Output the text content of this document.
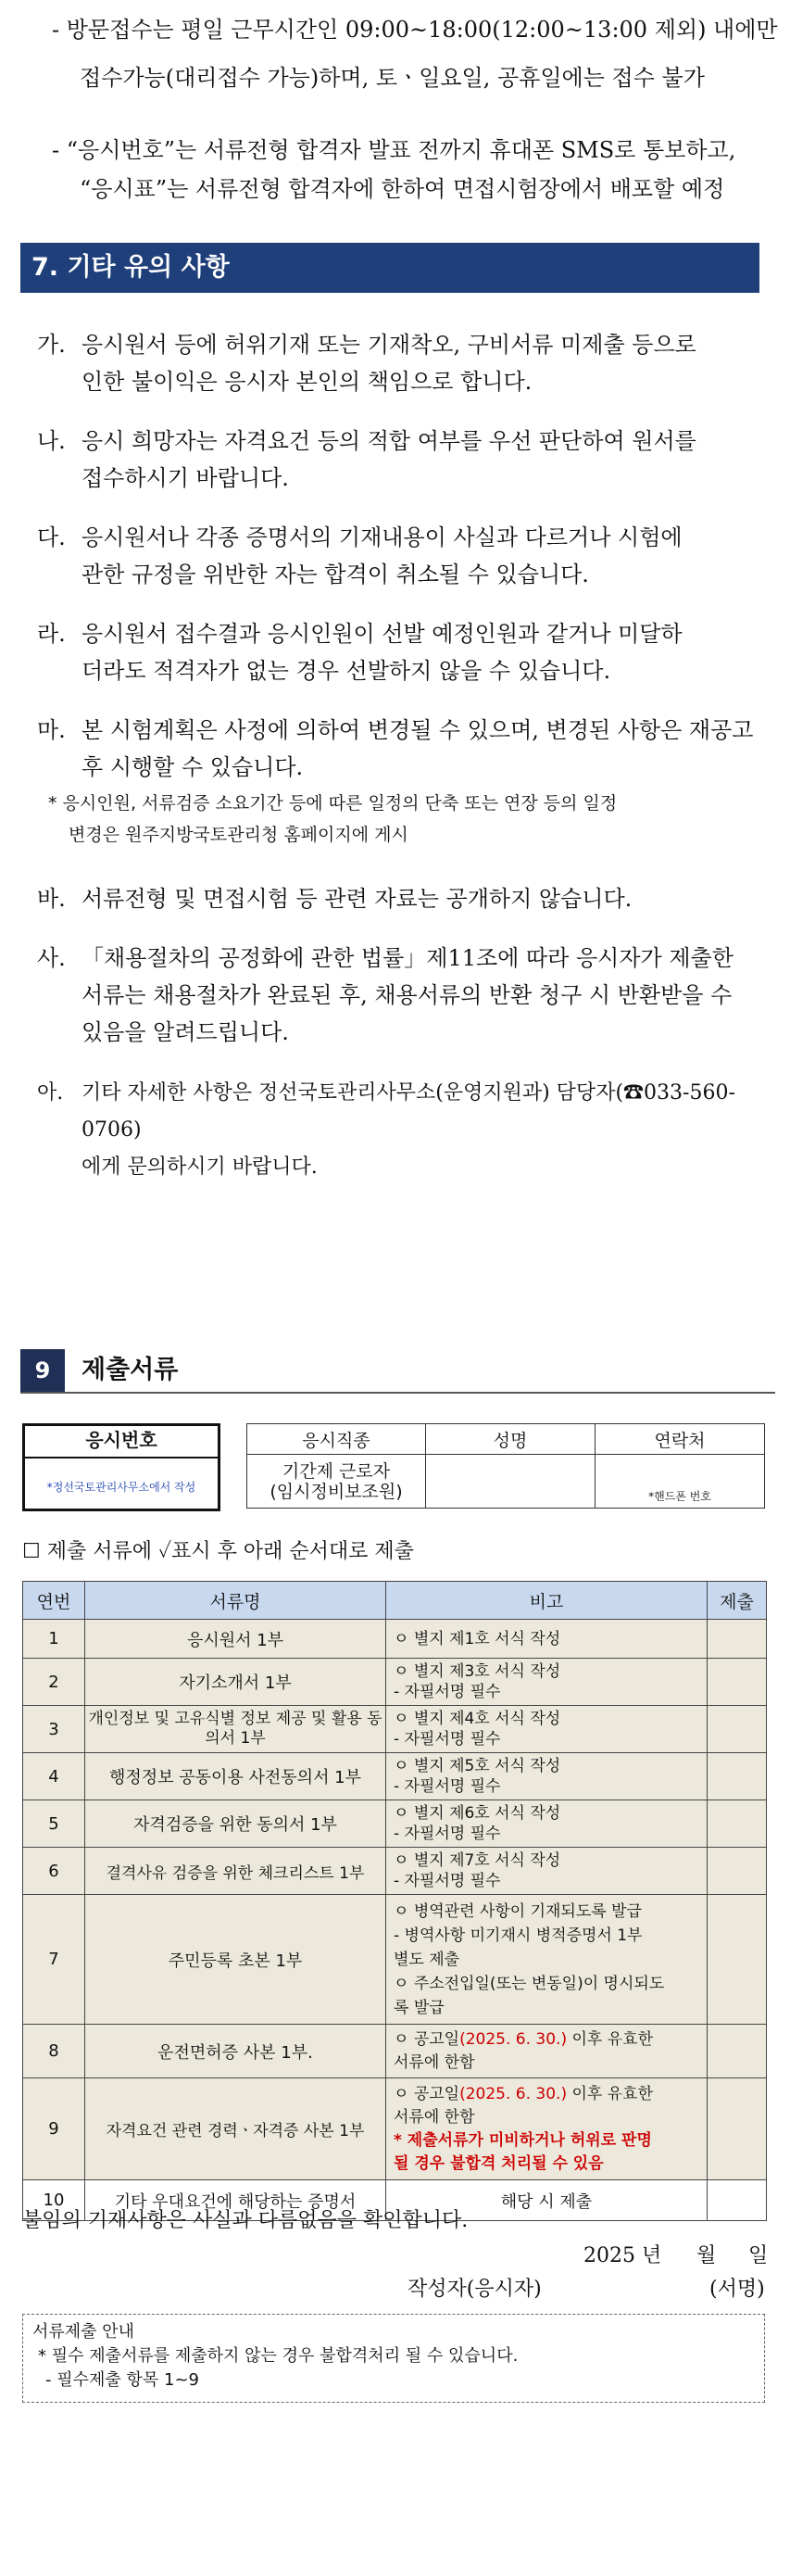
- 방문접수는 평일 근무시간인 09:00~18:00(12:00~13:00 제외) 내에만
접수가능(대리접수 가능)하며, 토ㆍ일요일, 공휴일에는 접수 불가
- “응시번호”는 서류전형 합격자 발표 전까지 휴대폰 SMS로 통보하고,
“응시표”는 서류전형 합격자에 한하여 면접시험장에서 배포할 예정
7. 기타 유의 사항
가. 응시원서 등에 허위기재 또는 기재착오, 구비서류 미제출 등으로
인한 불이익은 응시자 본인의 책임으로 합니다.
나. 응시 희망자는 자격요건 등의 적합 여부를 우선 판단하여 원서를
접수하시기 바랍니다.
다. 응시원서나 각종 증명서의 기재내용이 사실과 다르거나 시험에
관한 규정을 위반한 자는 합격이 취소될 수 있습니다.
라. 응시원서 접수결과 응시인원이 선발 예정인원과 같거나 미달하
더라도 적격자가 없는 경우 선발하지 않을 수 있습니다.
마. 본 시험계획은 사정에 의하여 변경될 수 있으며, 변경된 사항은 재공고
후 시행할 수 있습니다.
* 응시인원, 서류검증 소요기간 등에 따른 일정의 단축 또는 연장 등의 일정
변경은 원주지방국토관리청 홈페이지에 게시
바. 서류전형 및 면접시험 등 관련 자료는 공개하지 않습니다.
사. 「채용절차의 공정화에 관한 법률」제11조에 따라 응시자가 제출한
서류는 채용절차가 완료된 후, 채용서류의 반환 청구 시 반환받을 수
있음을 알려드립니다.
아. 기타 자세한 사항은 정선국토관리사무소(운영지원과) 담당자(☎033-560-0706)
에게 문의하시기 바랍니다.
9	제출서류
응시번호
*정선국토관리사무소에서 작성
응시직종	성명	연락처

기간제 근로자
(임시정비보조원)		*핸드폰 번호
☐ 제출 서류에 ✓표시 후 아래 순서대로 제출
연번	서류명	비고	제출
1	응시원서 1부	ㅇ 별지 제1호 서식 작성	

2	자기소개서 1부	ㅇ 별지 제3호 서식 작성
- 자필서명 필수	

3	개인정보 및 고유식별 정보 제공 및 활용 동의서 1부	ㅇ 별지 제4호 서식 작성
- 자필서명 필수	

4	행정정보 공동이용 사전동의서 1부	ㅇ 별지 제5호 서식 작성
- 자필서명 필수	

5	자격검증을 위한 동의서 1부	ㅇ 별지 제6호 서식 작성
- 자필서명 필수	

6	결격사유 검증을 위한 체크리스트 1부	ㅇ 별지 제7호 서식 작성
- 자필서명 필수	

7	주민등록 초본 1부	ㅇ 병역관련 사항이 기재되도록 발급
- 병역사항 미기재시 병적증명서 1부
별도 제출
ㅇ 주소전입일(또는 변동일)이 명시되도
록 발급	

8	운전면허증 사본 1부.	ㅇ 공고일(2025. 6. 30.) 이후 유효한
서류에 한함	

9	자격요건 관련 경력ㆍ자격증 사본 1부	ㅇ 공고일(2025. 6. 30.) 이후 유효한
서류에 한함
* 제출서류가 미비하거나 허위로 판명
될 경우 불합격 처리될 수 있음	

10	기타 우대요건에 해당하는 증명서	해당 시 제출	
불임의 기재사항은 사실과 다름없음을 확인합니다.
2025 년 월 일
작성자(응시자)	(서명)
서류제출 안내
* 필수 제출서류를 제출하지 않는 경우 불합격처리 될 수 있습니다.
- 필수제출 항목 1~9
